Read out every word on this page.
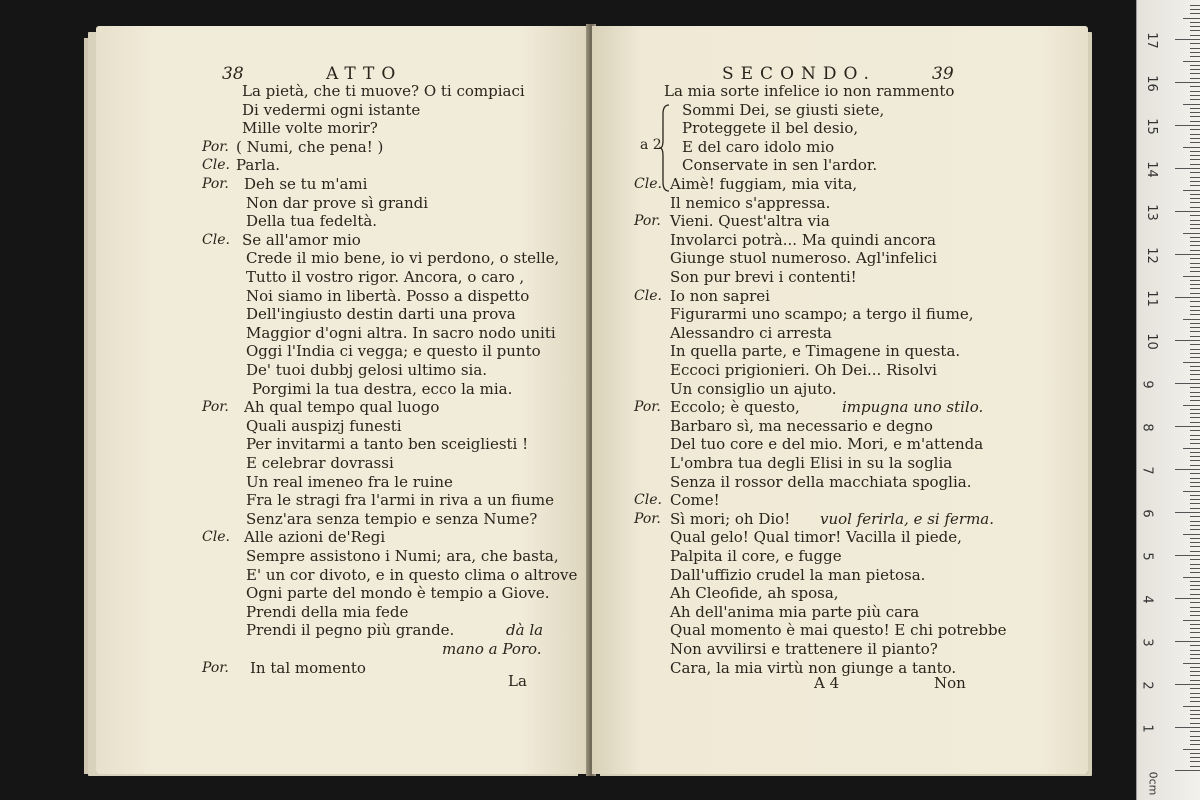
38	ATTO
La pietà, che ti muove? O ti compiaci
Di vedermi ogni istante
Mille volte morir?
Por. ( Numi, che pena! )
Cle. Parla.
Por. Deh se tu m'ami
Non dar prove sì grandi
Della tua fedeltà.
Cle. Se all'amor mio
Crede il mio bene, io vi perdono, o stelle,
Tutto il vostro rigor. Ancora, o caro ,
Noi siamo in libertà. Posso a dispetto
Dell'ingiusto destin darti una prova
Maggior d'ogni altra. In sacro nodo uniti
Oggi l'India ci vegga; e questo il punto
De' tuoi dubbj gelosi ultimo sia.
Porgimi la tua destra, ecco la mia.
Por. Ah qual tempo qual luogo
Quali auspizj funesti
Per invitarmi a tanto ben sceigliesti !
E celebrar dovrassi
Un real imeneo fra le ruine
Fra le stragi fra l'armi in riva a un fiume
Senz'ara senza tempio e senza Nume?
Cle. Alle azioni de'Regi
Sempre assistono i Numi; ara, che basta,
E' un cor divoto, e in questo clima o altrove
Ogni parte del mondo è tempio a Giove.
Prendi della mia fede
Prendi il pegno più grande.	dà la
mano a Poro.
Por. In tal momento
La
SECONDO.	39
a 2
La mia sorte infelice io non rammento
Sommi Dei, se giusti siete,
Proteggete il bel desio,
E del caro idolo mio
Conservate in sen l'ardor.
Cle. Aimè! fuggiam, mia vita,
Il nemico s'appressa.
Por. Vieni. Quest'altra via
Involarci potrà... Ma quindi ancora
Giunge stuol numeroso. Agl'infelici
Son pur brevi i contenti!
Cle. Io non saprei
Figurarmi uno scampo; a tergo il fiume,
Alessandro ci arresta
In quella parte, e Timagene in questa.
Eccoci prigionieri. Oh Dei... Risolvi
Un consiglio un ajuto.
Por. Eccolo; è questo,	impugna uno stilo.
Barbaro sì, ma necessario e degno
Del tuo core e del mio. Mori, e m'attenda
L'ombra tua degli Elisi in su la soglia
Senza il rossor della macchiata spoglia.
Cle. Come!
Por. Sì mori; oh Dio! vuol ferirla, e si ferma.
Qual gelo! Qual timor! Vacilla il piede,
Palpita il core, e fugge
Dall'uffizio crudel la man pietosa.
Ah Cleofide, ah sposa,
Ah dell'anima mia parte più cara
Qual momento è mai questo! E chi potrebbe
Non avvilirsi e trattenere il pianto?
Cara, la mia virtù non giunge a tanto.
A 4	Non
1
2
3
4
5
6
7
8
9
10
11
12
13
14
15
16
17
0cm
